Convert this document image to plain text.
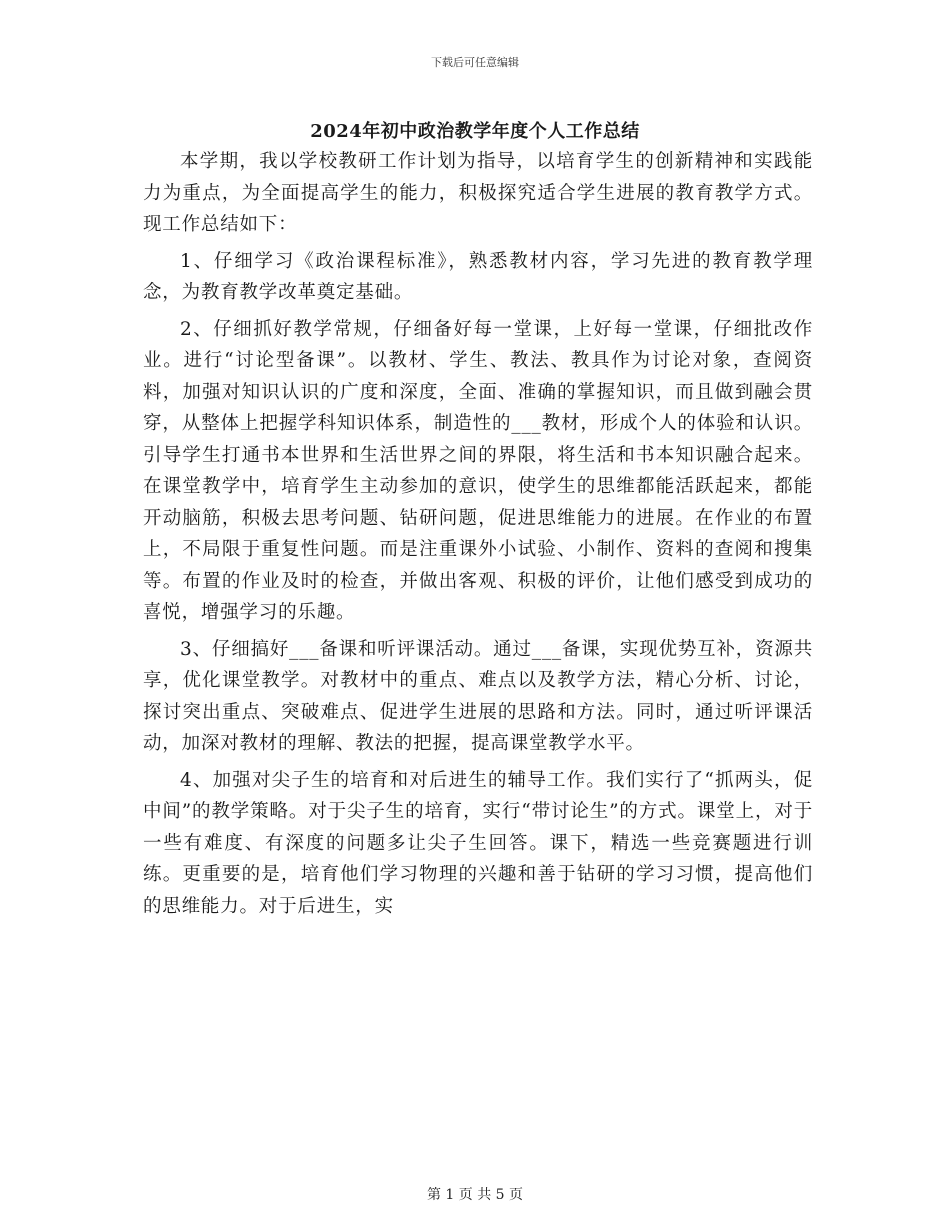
下载后可任意编辑
2024年初中政治教学年度个人工作总结

本学期，我以学校教研工作计划为指导，以培育学生的创新精神和实践能力为重点，为全面提高学生的能力，积极探究适合学生进展的教育教学方式。现工作总结如下：

1、仔细学习《政治课程标准》，熟悉教材内容，学习先进的教育教学理念，为教育教学改革奠定基础。

2、仔细抓好教学常规，仔细备好每一堂课，上好每一堂课，仔细批改作业。进行“讨论型备课”。以教材、学生、教法、教具作为讨论对象，查阅资料，加强对知识认识的广度和深度，全面、准确的掌握知识，而且做到融会贯穿，从整体上把握学科知识体系，制造性的___教材，形成个人的体验和认识。引导学生打通书本世界和生活世界之间的界限，将生活和书本知识融合起来。在课堂教学中，培育学生主动参加的意识，使学生的思维都能活跃起来，都能开动脑筋，积极去思考问题、钻研问题，促进思维能力的进展。在作业的布置上，不局限于重复性问题。而是注重课外小试验、小制作、资料的查阅和搜集等。布置的作业及时的检查，并做出客观、积极的评价，让他们感受到成功的喜悦，增强学习的乐趣。

3、仔细搞好___备课和听评课活动。通过___备课，实现优势互补，资源共享，优化课堂教学。对教材中的重点、难点以及教学方法，精心分析、讨论，探讨突出重点、突破难点、促进学生进展的思路和方法。同时，通过听评课活动，加深对教材的理解、教法的把握，提高课堂教学水平。

4、加强对尖子生的培育和对后进生的辅导工作。我们实行了“抓两头，促中间”的教学策略。对于尖子生的培育，实行“带讨论生”的方式。课堂上，对于一些有难度、有深度的问题多让尖子生回答。课下，精选一些竞赛题进行训练。更重要的是，培育他们学习物理的兴趣和善于钻研的学习习惯，提高他们的思维能力。对于后进生，实

第 1 页 共 5 页
